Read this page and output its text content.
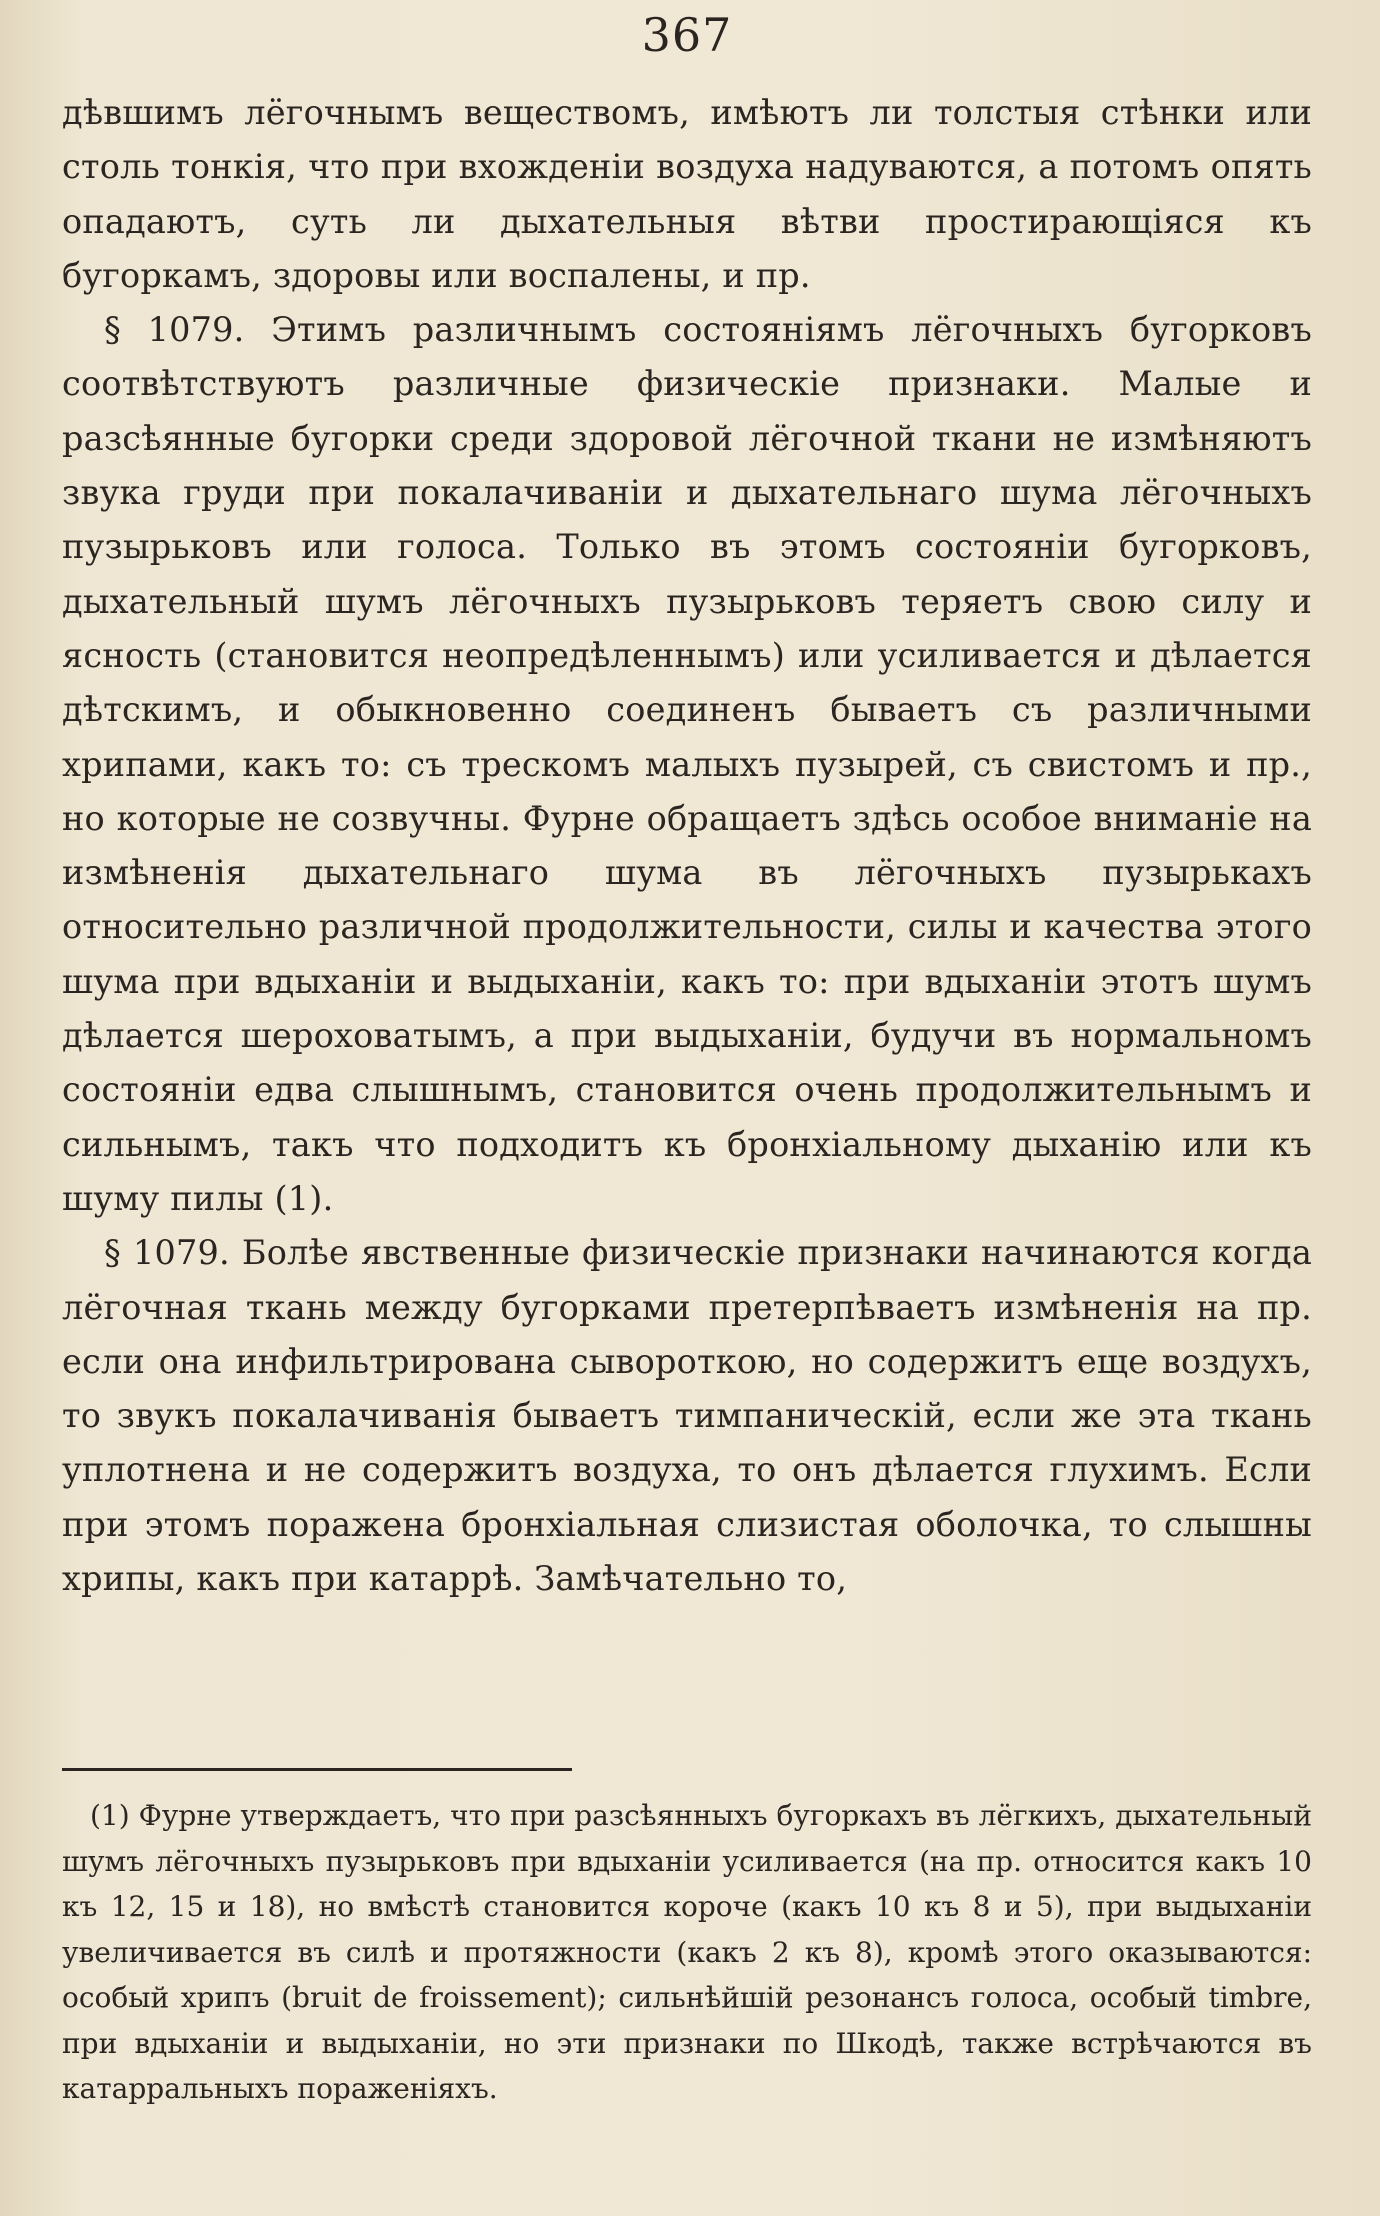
367

дѣвшимъ лёгочнымъ веществомъ, имѣютъ ли толстыя стѣнки или столь тонкія, что при вхожденіи воздуха надуваются, а потомъ опять опадаютъ, суть ли дыхательныя вѣтви простирающіяся къ бугоркамъ, здоровы или воспалены, и пр.

§ 1079. Этимъ различнымъ состояніямъ лёгочныхъ бугорковъ соотвѣтствуютъ различные физическіе признаки. Малые и разсѣянные бугорки среди здоровой лёгочной ткани не измѣняютъ звука груди при покалачиваніи и дыхательнаго шума лёгочныхъ пузырьковъ или голоса. Только въ этомъ состояніи бугорковъ, дыхательный шумъ лёгочныхъ пузырьковъ теряетъ свою силу и ясность (становится неопредѣленнымъ) или усиливается и дѣлается дѣтскимъ, и обыкновенно соединенъ бываетъ съ различными хрипами, какъ то: съ трескомъ малыхъ пузырей, съ свистомъ и пр., но которые не созвучны. Фурне обращаетъ здѣсь особое вниманіе на измѣненія дыхательнаго шума въ лёгочныхъ пузырькахъ относительно различной продолжительности, силы и качества этого шума при вдыханіи и выдыханіи, какъ то: при вдыханіи этотъ шумъ дѣлается шероховатымъ, а при выдыханіи, будучи въ нормальномъ состояніи едва слышнымъ, становится очень продолжительнымъ и сильнымъ, такъ что подходитъ къ бронхіальному дыханію или къ шуму пилы (1).

§ 1079. Болѣе явственные физическіе признаки начинаются когда лёгочная ткань между бугорками претерпѣваетъ измѣненія на пр. если она инфильтрирована сывороткою, но содержитъ еще воздухъ, то звукъ покалачиванія бываетъ тимпаническій, если же эта ткань уплотнена и не содержитъ воздуха, то онъ дѣлается глухимъ. Если при этомъ поражена бронхіальная слизистая оболочка, то слышны хрипы, какъ при катаррѣ. Замѣчательно то,

(1) Фурне утверждаетъ, что при разсѣянныхъ бугоркахъ въ лёгкихъ, дыхательный шумъ лёгочныхъ пузырьковъ при вдыханіи усиливается (на пр. относится какъ 10 къ 12, 15 и 18), но вмѣстѣ становится короче (какъ 10 къ 8 и 5), при выдыханіи увеличивается въ силѣ и протяжности (какъ 2 къ 8), кромѣ этого оказываются: особый хрипъ (bruit de froissement); сильнѣйшій резонансъ голоса, особый timbre, при вдыханіи и выдыханіи, но эти признаки по Шкодѣ, также встрѣчаются въ катарральныхъ пораженіяхъ.
